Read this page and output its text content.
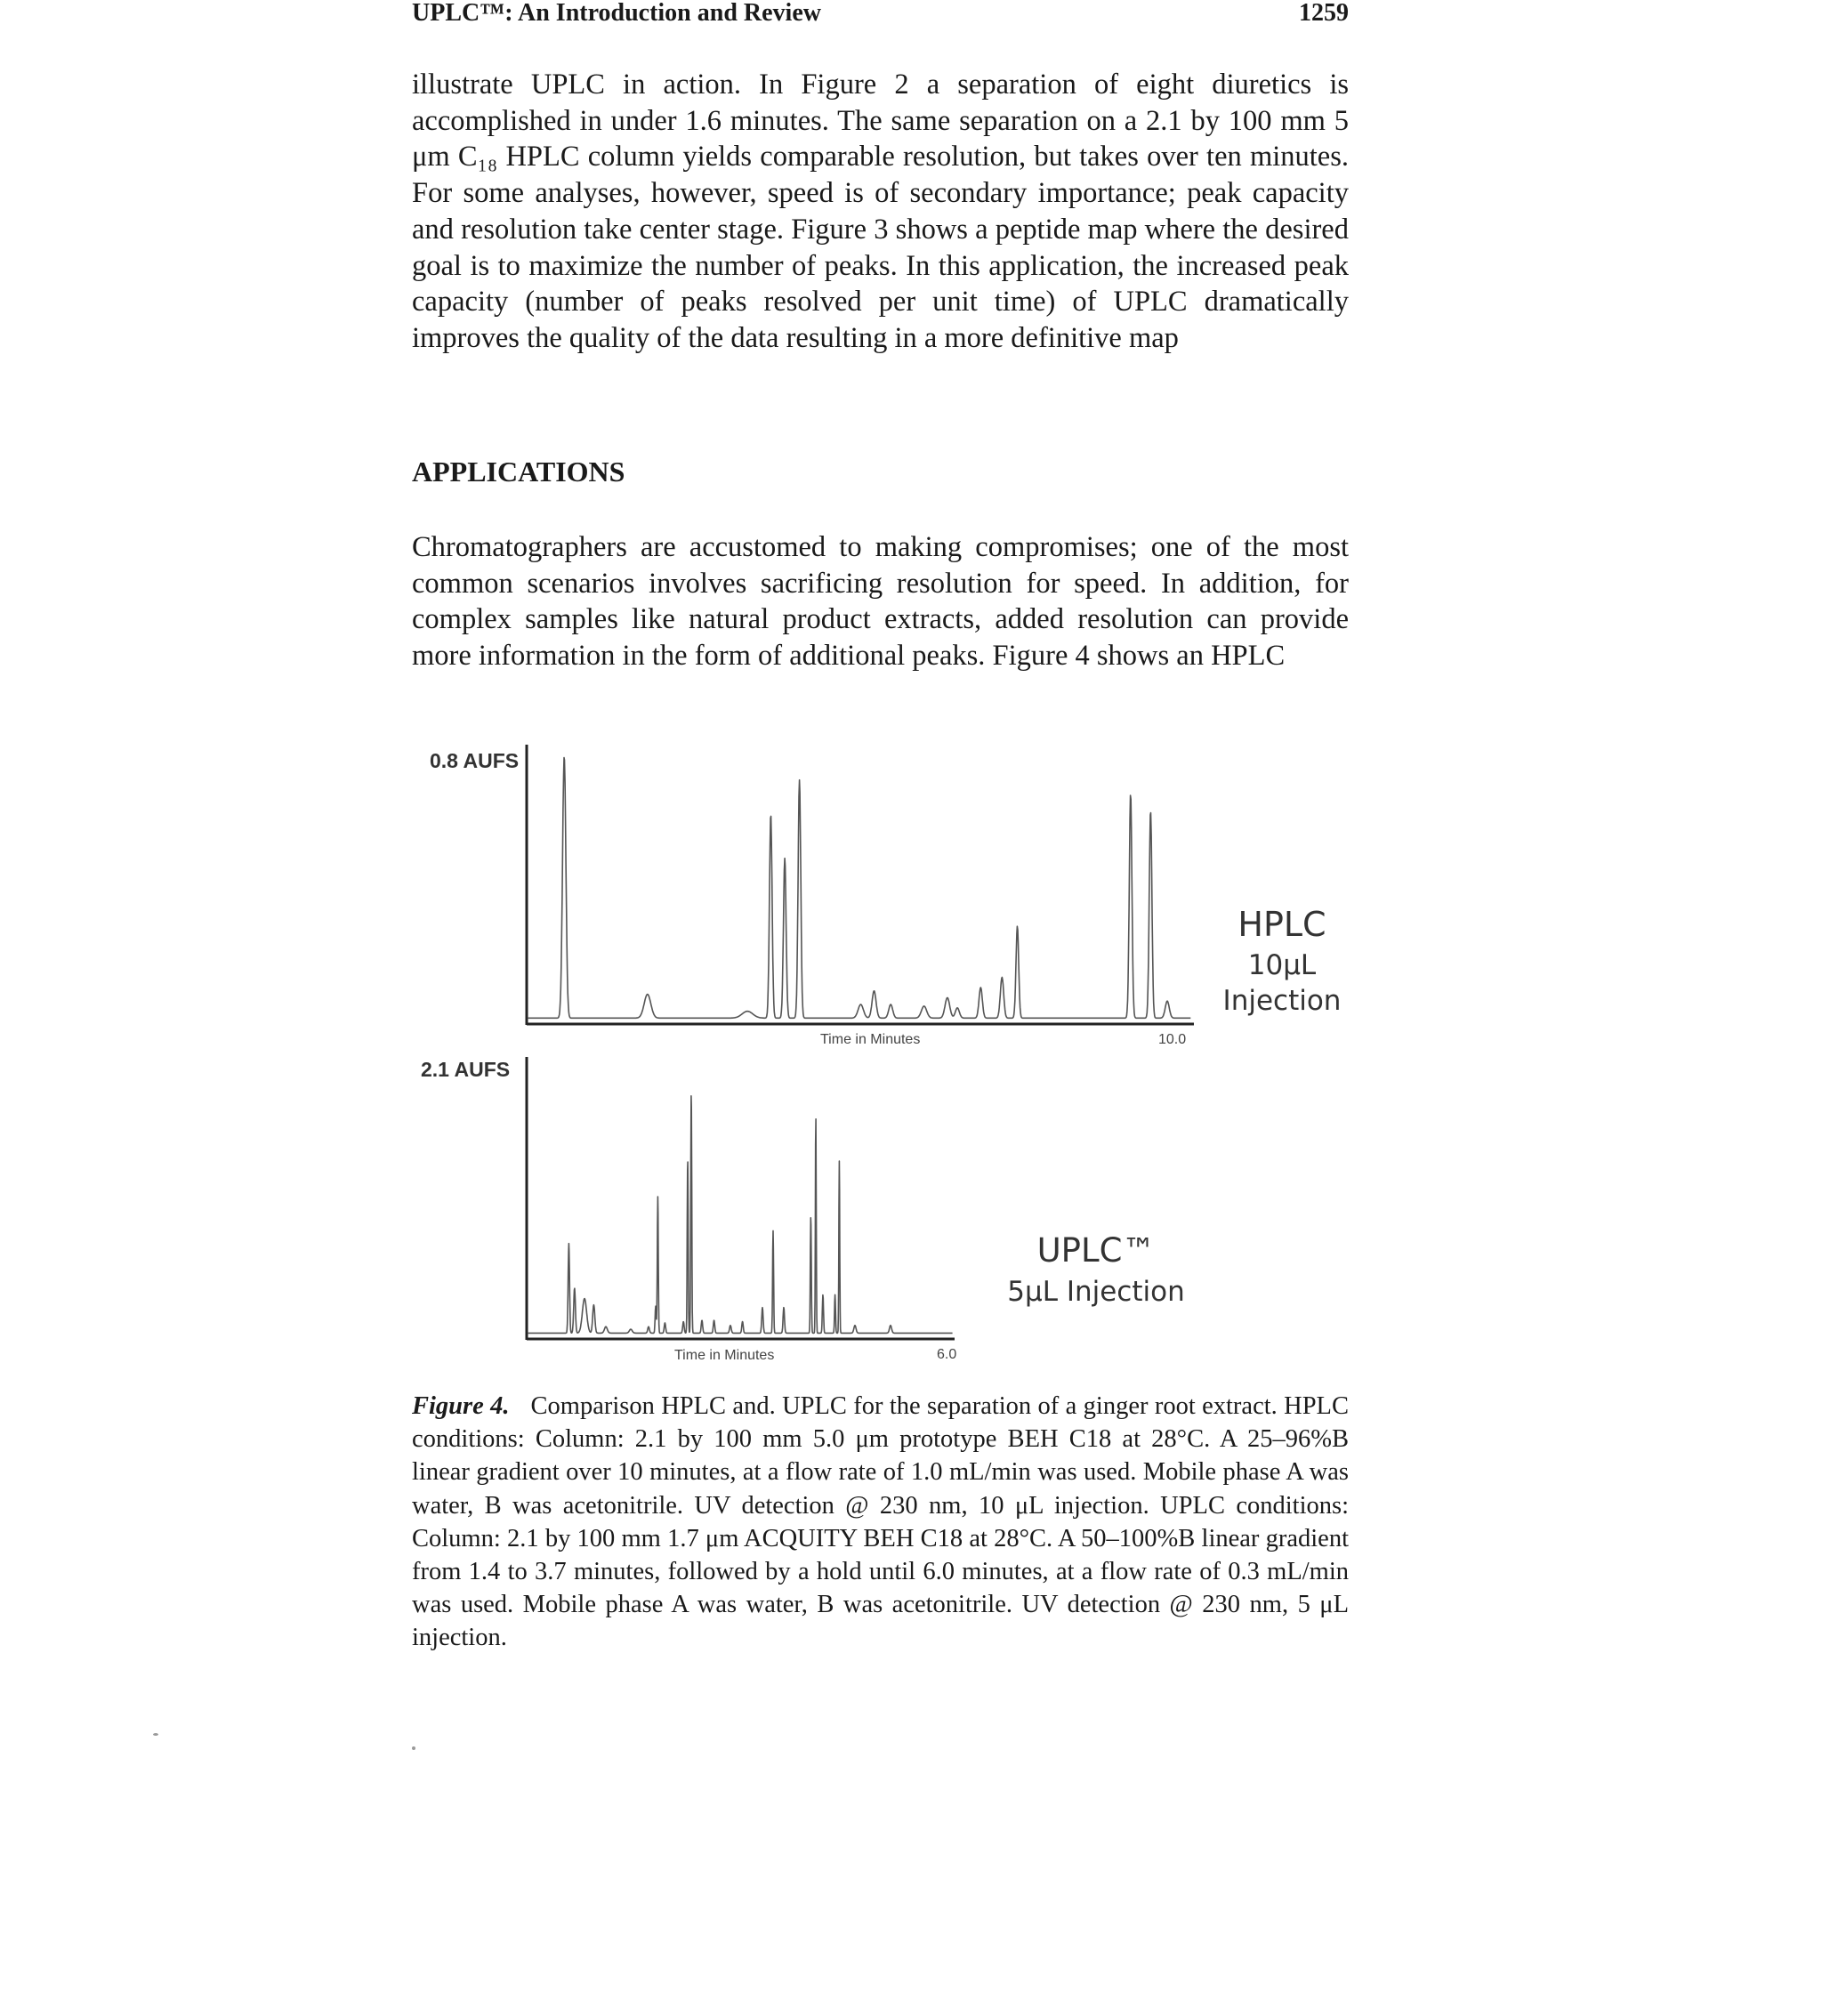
UPLC™: An Introduction and Review	1259

illustrate UPLC in action. In Figure 2 a separation of eight diuretics is accomplished in under 1.6 minutes. The same separation on a 2.1 by 100 mm 5 μm C₁₈ HPLC column yields comparable resolution, but takes over ten minutes. For some analyses, however, speed is of secondary importance; peak capacity and resolution take center stage. Figure 3 shows a peptide map where the desired goal is to maximize the number of peaks. In this application, the increased peak capacity (number of peaks resolved per unit time) of UPLC dramatically improves the quality of the data resulting in a more definitive map

APPLICATIONS

Chromatographers are accustomed to making compromises; one of the most common scenarios involves sacrificing resolution for speed. In addition, for complex samples like natural product extracts, added resolution can provide more information in the form of additional peaks. Figure 4 shows an HPLC

0.8 AUFS
Time in Minutes	10.0
HPLC
10μL
Injection
2.1 AUFS
Time in Minutes	6.0
UPLC™
5μL Injection

Figure 4. Comparison HPLC and. UPLC for the separation of a ginger root extract. HPLC conditions: Column: 2.1 by 100 mm 5.0 μm prototype BEH C18 at 28°C. A 25–96%B linear gradient over 10 minutes, at a flow rate of 1.0 mL/min was used. Mobile phase A was water, B was acetonitrile. UV detection @ 230 nm, 10 μL injection. UPLC conditions: Column: 2.1 by 100 mm 1.7 μm ACQUITY BEH C18 at 28°C. A 50–100%B linear gradient from 1.4 to 3.7 minutes, followed by a hold until 6.0 minutes, at a flow rate of 0.3 mL/min was used. Mobile phase A was water, B was acetonitrile. UV detection @ 230 nm, 5 μL injection.
